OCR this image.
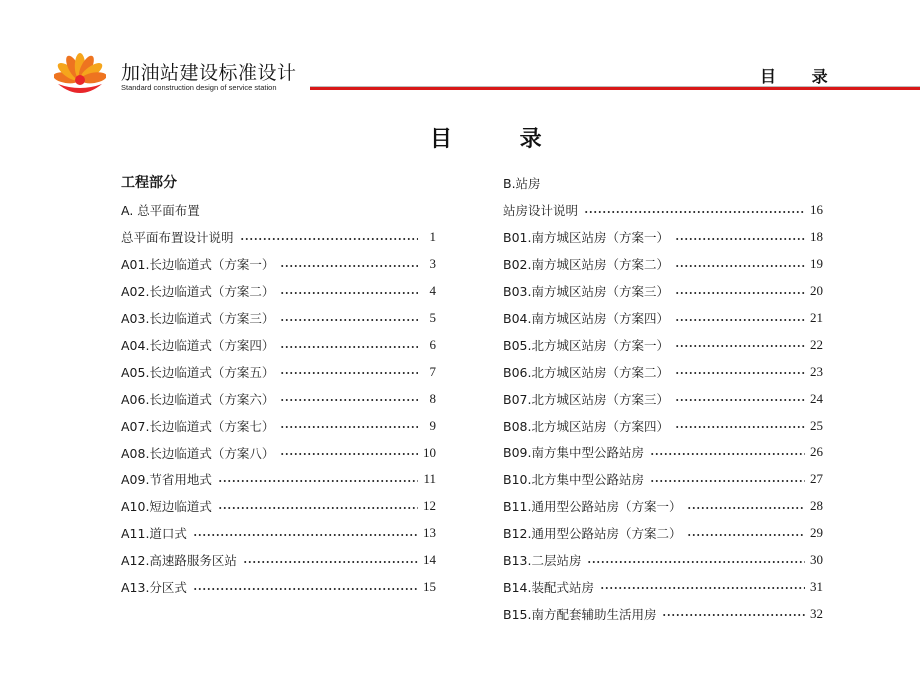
加油站建设标准设计
Standard construction design of service station
目 录
目 录
工程部分
A. 总平面布置
总平面布置设计说明	1
A01.长边临道式（方案一）	3
A02.长边临道式（方案二）	4
A03.长边临道式（方案三）	5
A04.长边临道式（方案四）	6
A05.长边临道式（方案五）	7
A06.长边临道式（方案六）	8
A07.长边临道式（方案七）	9
A08.长边临道式（方案八）	10
A09.节省用地式	11
A10.短边临道式	12
A11.道口式	13
A12.高速路服务区站	14
A13.分区式	15
B.站房
站房设计说明	16
B01.南方城区站房（方案一）	18
B02.南方城区站房（方案二）	19
B03.南方城区站房（方案三）	20
B04.南方城区站房（方案四）	21
B05.北方城区站房（方案一）	22
B06.北方城区站房（方案二）	23
B07.北方城区站房（方案三）	24
B08.北方城区站房（方案四）	25
B09.南方集中型公路站房	26
B10.北方集中型公路站房	27
B11.通用型公路站房（方案一）	28
B12.通用型公路站房（方案二）	29
B13.二层站房	30
B14.装配式站房	31
B15.南方配套辅助生活用房	32
